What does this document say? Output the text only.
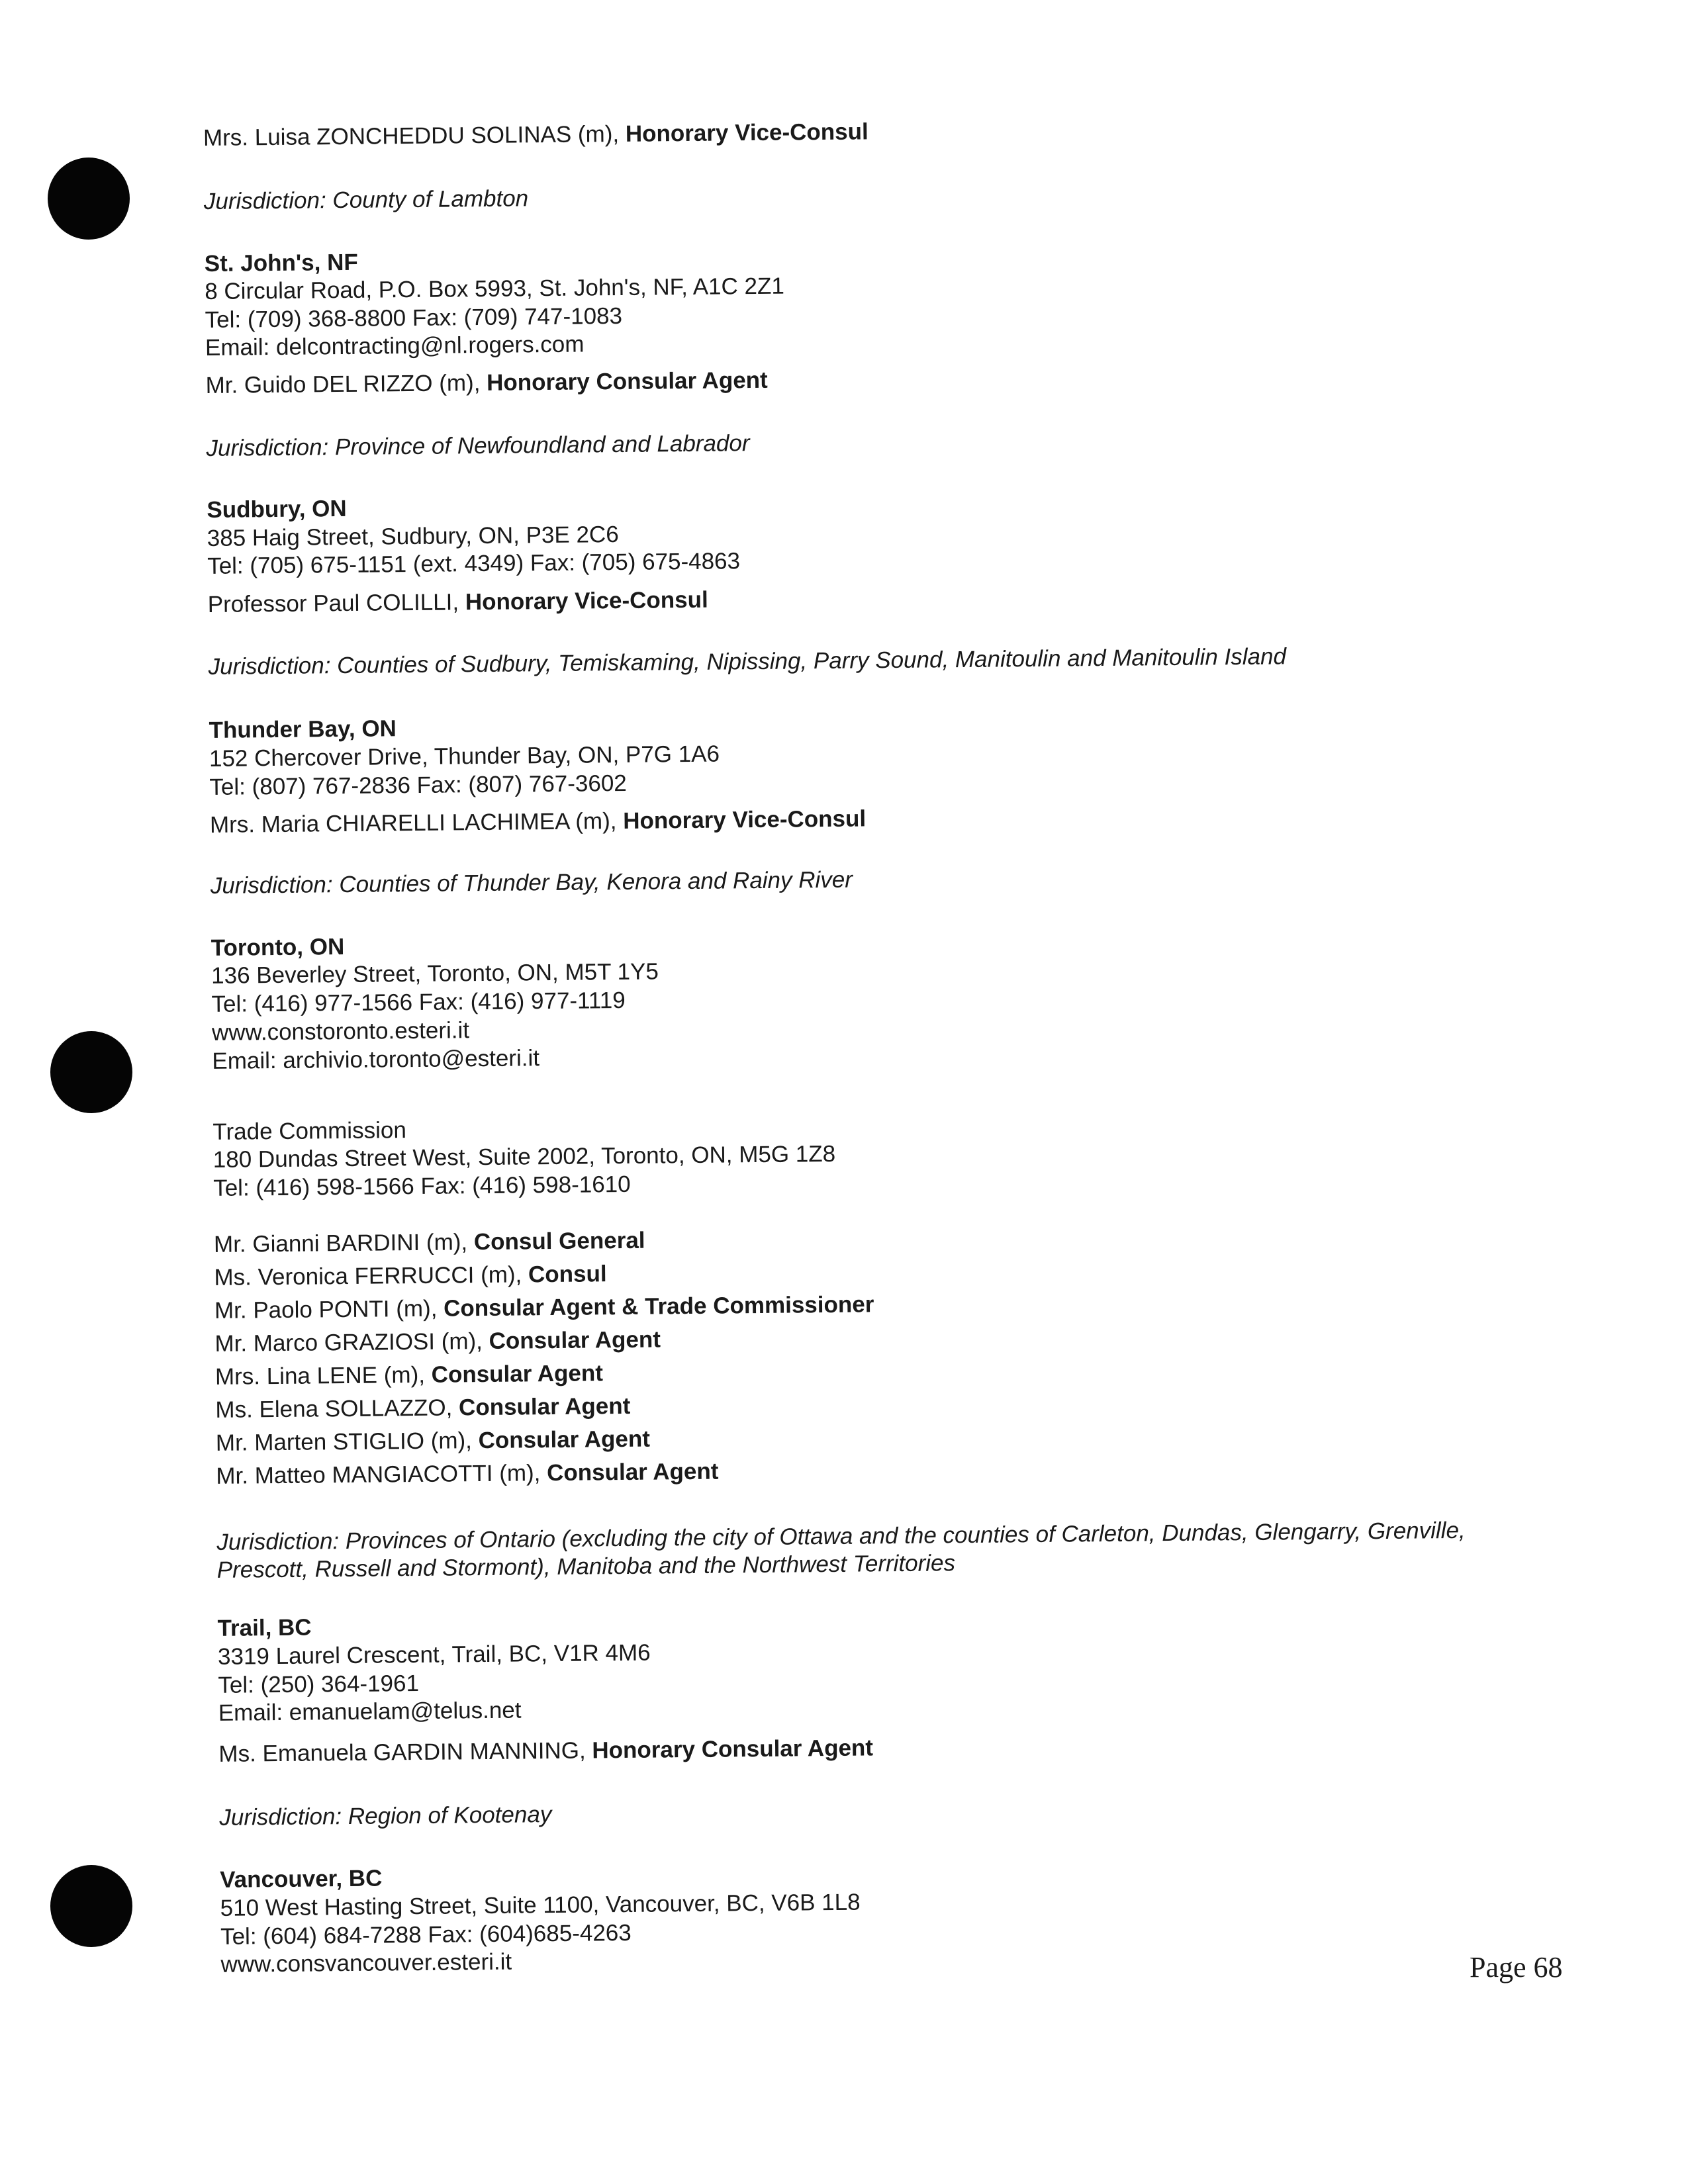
Mrs. Luisa ZONCHEDDU SOLINAS (m), Honorary Vice-Consul
Jurisdiction: County of Lambton
St. John's, NF
8 Circular Road, P.O. Box 5993, St. John's, NF, A1C 2Z1
Tel: (709) 368-8800 Fax: (709) 747-1083
Email: delcontracting@nl.rogers.com
Mr. Guido DEL RIZZO (m), Honorary Consular Agent
Jurisdiction: Province of Newfoundland and Labrador
Sudbury, ON
385 Haig Street, Sudbury, ON, P3E 2C6
Tel: (705) 675-1151 (ext. 4349) Fax: (705) 675-4863
Professor Paul COLILLI, Honorary Vice-Consul
Jurisdiction: Counties of Sudbury, Temiskaming, Nipissing, Parry Sound, Manitoulin and Manitoulin Island
Thunder Bay, ON
152 Chercover Drive, Thunder Bay, ON, P7G 1A6
Tel: (807) 767-2836 Fax: (807) 767-3602
Mrs. Maria CHIARELLI LACHIMEA (m), Honorary Vice-Consul
Jurisdiction: Counties of Thunder Bay, Kenora and Rainy River
Toronto, ON
136 Beverley Street, Toronto, ON, M5T 1Y5
Tel: (416) 977-1566 Fax: (416) 977-1119
www.constoronto.esteri.it
Email: archivio.toronto@esteri.it
Trade Commission
180 Dundas Street West, Suite 2002, Toronto, ON, M5G 1Z8
Tel: (416) 598-1566 Fax: (416) 598-1610
Mr. Gianni BARDINI (m), Consul General
Ms. Veronica FERRUCCI (m), Consul
Mr. Paolo PONTI (m), Consular Agent & Trade Commissioner
Mr. Marco GRAZIOSI (m), Consular Agent
Mrs. Lina LENE (m), Consular Agent
Ms. Elena SOLLAZZO, Consular Agent
Mr. Marten STIGLIO (m), Consular Agent
Mr. Matteo MANGIACOTTI (m), Consular Agent
Jurisdiction: Provinces of Ontario (excluding the city of Ottawa and the counties of Carleton, Dundas, Glengarry, Grenville, Prescott, Russell and Stormont), Manitoba and the Northwest Territories
Trail, BC
3319 Laurel Crescent, Trail, BC, V1R 4M6
Tel: (250) 364-1961
Email: emanuelam@telus.net
Ms. Emanuela GARDIN MANNING, Honorary Consular Agent
Jurisdiction: Region of Kootenay
Vancouver, BC
510 West Hasting Street, Suite 1100, Vancouver, BC, V6B 1L8
Tel: (604) 684-7288 Fax: (604)685-4263
www.consvancouver.esteri.it	Page 68
